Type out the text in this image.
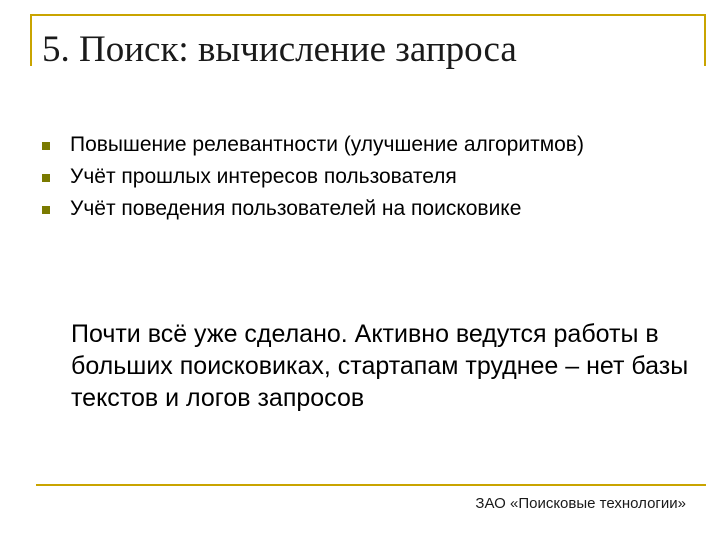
5. Поиск: вычисление запроса
Повышение релевантности (улучшение алгоритмов)
Учёт прошлых интересов пользователя
Учёт поведения пользователей на поисковике

Почти всё уже сделано. Активно ведутся работы в больших поисковиках, стартапам труднее – нет базы текстов и логов запросов

ЗАО «Поисковые технологии»
